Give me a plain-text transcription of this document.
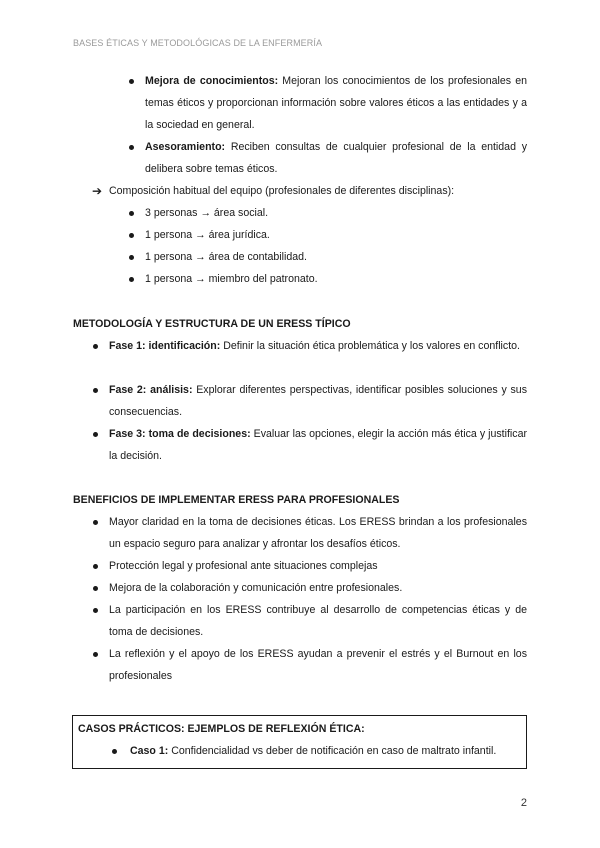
BASES ÉTICAS Y METODOLÓGICAS DE LA ENFERMERÍA
Mejora de conocimientos: Mejoran los conocimientos de los profesionales en temas éticos y proporcionan información sobre valores éticos a las entidades y a la sociedad en general.
Asesoramiento: Reciben consultas de cualquier profesional de la entidad y delibera sobre temas éticos.
➔ Composición habitual del equipo (profesionales de diferentes disciplinas):
3 personas → área social.
1 persona → área jurídica.
1 persona → área de contabilidad.
1 persona → miembro del patronato.
METODOLOGÍA Y ESTRUCTURA DE UN ERESS TÍPICO
Fase 1: identificación: Definir la situación ética problemática y los valores en conflicto.
Fase 2: análisis: Explorar diferentes perspectivas, identificar posibles soluciones y sus consecuencias.
Fase 3: toma de decisiones: Evaluar las opciones, elegir la acción más ética y justificar la decisión.
BENEFICIOS DE IMPLEMENTAR ERESS PARA PROFESIONALES
Mayor claridad en la toma de decisiones éticas. Los ERESS brindan a los profesionales un espacio seguro para analizar y afrontar los desafíos éticos.
Protección legal y profesional ante situaciones complejas
Mejora de la colaboración y comunicación entre profesionales.
La participación en los ERESS contribuye al desarrollo de competencias éticas y de toma de decisiones.
La reflexión y el apoyo de los ERESS ayudan a prevenir el estrés y el Burnout en los profesionales
CASOS PRÁCTICOS: EJEMPLOS DE REFLEXIÓN ÉTICA:
Caso 1: Confidencialidad vs deber de notificación en caso de maltrato infantil.
2
